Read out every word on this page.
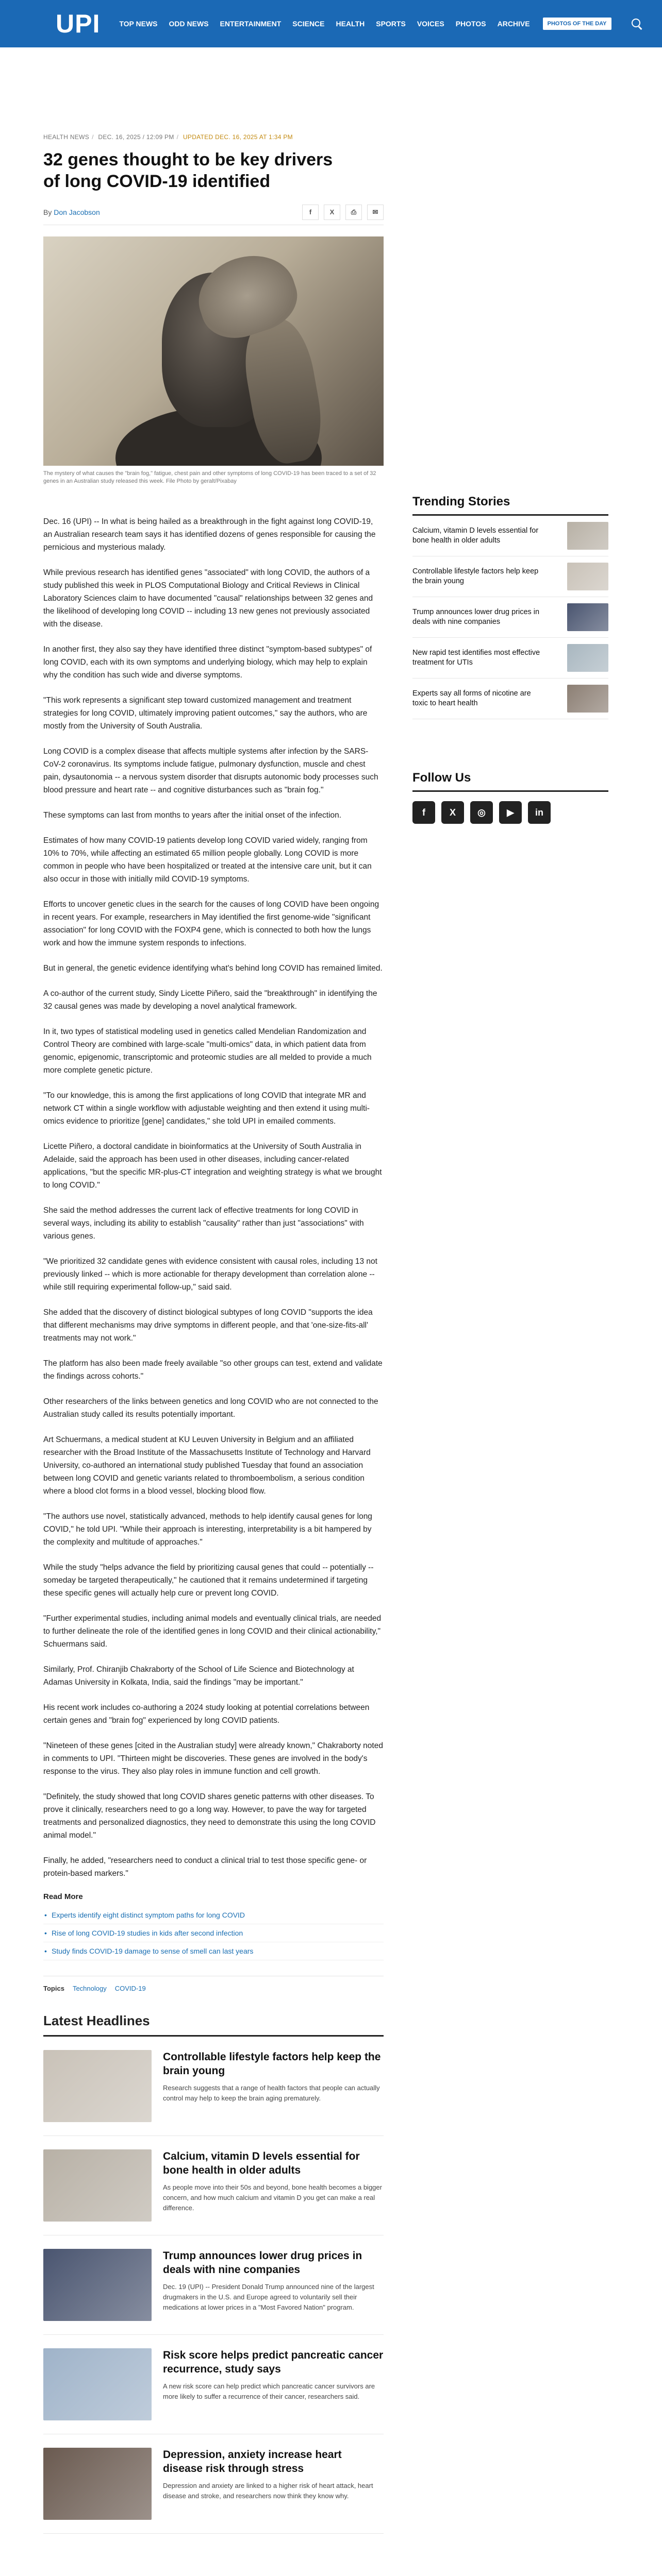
UPI	TOP NEWS	ODD NEWS	ENTERTAINMENT	SCIENCE	HEALTH	SPORTS	VOICES	PHOTOS	ARCHIVE	PHOTOS OF THE DAY
HEALTH NEWS / DEC. 16, 2025 / 12:09 PM / UPDATED DEC. 16, 2025 AT 1:34 PM
32 genes thought to be key drivers of long COVID-19 identified
By Don Jacobson	f	X	⎙	✉

The mystery of what causes the "brain fog," fatigue, chest pain and other symptoms of long COVID-19 has been traced to a set of 32 genes in an Australian study released this week. File Photo by geralt/Pixabay

Dec. 16 (UPI) -- In what is being hailed as a breakthrough in the fight against long COVID-19, an Australian research team says it has identified dozens of genes responsible for causing the pernicious and mysterious malady.

While previous research has identified genes "associated" with long COVID, the authors of a study published this week in PLOS Computational Biology and Critical Reviews in Clinical Laboratory Sciences claim to have documented "causal" relationships between 32 genes and the likelihood of developing long COVID -- including 13 new genes not previously associated with the disease.

In another first, they also say they have identified three distinct "symptom-based subtypes" of long COVID, each with its own symptoms and underlying biology, which may help to explain why the condition has such wide and diverse symptoms.

"This work represents a significant step toward customized management and treatment strategies for long COVID, ultimately improving patient outcomes," say the authors, who are mostly from the University of South Australia.

Long COVID is a complex disease that affects multiple systems after infection by the SARS-CoV-2 coronavirus. Its symptoms include fatigue, pulmonary dysfunction, muscle and chest pain, dysautonomia -- a nervous system disorder that disrupts autonomic body processes such blood pressure and heart rate -- and cognitive disturbances such as "brain fog."

These symptoms can last from months to years after the initial onset of the infection.

Estimates of how many COVID-19 patients develop long COVID varied widely, ranging from 10% to 70%, while affecting an estimated 65 million people globally. Long COVID is more common in people who have been hospitalized or treated at the intensive care unit, but it can also occur in those with initially mild COVID-19 symptoms.

Efforts to uncover genetic clues in the search for the causes of long COVID have been ongoing in recent years. For example, researchers in May identified the first genome-wide "significant association" for long COVID with the FOXP4 gene, which is connected to both how the lungs work and how the immune system responds to infections.

But in general, the genetic evidence identifying what's behind long COVID has remained limited.

A co-author of the current study, Sindy Licette Piñero, said the "breakthrough" in identifying the 32 causal genes was made by developing a novel analytical framework.

In it, two types of statistical modeling used in genetics called Mendelian Randomization and Control Theory are combined with large-scale "multi-omics" data, in which patient data from genomic, epigenomic, transcriptomic and proteomic studies are all melded to provide a much more complete genetic picture.

"To our knowledge, this is among the first applications of long COVID that integrate MR and network CT within a single workflow with adjustable weighting and then extend it using multi-omics evidence to prioritize [gene] candidates," she told UPI in emailed comments.

Licette Piñero, a doctoral candidate in bioinformatics at the University of South Australia in Adelaide, said the approach has been used in other diseases, including cancer-related applications, "but the specific MR-plus-CT integration and weighting strategy is what we brought to long COVID."

She said the method addresses the current lack of effective treatments for long COVID in several ways, including its ability to establish "causality" rather than just "associations" with various genes.

"We prioritized 32 candidate genes with evidence consistent with causal roles, including 13 not previously linked -- which is more actionable for therapy development than correlation alone -- while still requiring experimental follow-up," said said.

She added that the discovery of distinct biological subtypes of long COVID "supports the idea that different mechanisms may drive symptoms in different people, and that 'one-size-fits-all' treatments may not work."

The platform has also been made freely available "so other groups can test, extend and validate the findings across cohorts."

Other researchers of the links between genetics and long COVID who are not connected to the Australian study called its results potentially important.

Art Schuermans, a medical student at KU Leuven University in Belgium and an affiliated researcher with the Broad Institute of the Massachusetts Institute of Technology and Harvard University, co-authored an international study published Tuesday that found an association between long COVID and genetic variants related to thromboembolism, a serious condition where a blood clot forms in a blood vessel, blocking blood flow.

"The authors use novel, statistically advanced, methods to help identify causal genes for long COVID," he told UPI. "While their approach is interesting, interpretability is a bit hampered by the complexity and multitude of approaches."

While the study "helps advance the field by prioritizing causal genes that could -- potentially -- someday be targeted therapeutically," he cautioned that it remains undetermined if targeting these specific genes will actually help cure or prevent long COVID.

"Further experimental studies, including animal models and eventually clinical trials, are needed to further delineate the role of the identified genes in long COVID and their clinical actionability," Schuermans said.

Similarly, Prof. Chiranjib Chakraborty of the School of Life Science and Biotechnology at Adamas University in Kolkata, India, said the findings "may be important."

His recent work includes co-authoring a 2024 study looking at potential correlations between certain genes and "brain fog" experienced by long COVID patients.

"Nineteen of these genes [cited in the Australian study] were already known," Chakraborty noted in comments to UPI. "Thirteen might be discoveries. These genes are involved in the body's response to the virus. They also play roles in immune function and cell growth.

"Definitely, the study showed that long COVID shares genetic patterns with other diseases. To prove it clinically, researchers need to go a long way. However, to pave the way for targeted treatments and personalized diagnostics, they need to demonstrate this using the long COVID animal model."

Finally, he added, "researchers need to conduct a clinical trial to test those specific gene- or protein-based markers."

Read More
• Experts identify eight distinct symptom paths for long COVID
• Rise of long COVID-19 studies in kids after second infection
• Study finds COVID-19 damage to sense of smell can last years
Topics Technology COVID-19
Latest Headlines
Controllable lifestyle factors help keep the brain young
Research suggests that a range of health factors that people can actually control may help to keep the brain aging prematurely.
Calcium, vitamin D levels essential for bone health in older adults
As people move into their 50s and beyond, bone health becomes a bigger concern, and how much calcium and vitamin D you get can make a real difference.
Trump announces lower drug prices in deals with nine companies
Dec. 19 (UPI) -- President Donald Trump announced nine of the largest drugmakers in the U.S. and Europe agreed to voluntarily sell their medications at lower prices in a "Most Favored Nation" program.
Risk score helps predict pancreatic cancer recurrence, study says
A new risk score can help predict which pancreatic cancer survivors are more likely to suffer a recurrence of their cancer, researchers said.
Depression, anxiety increase heart disease risk through stress
Depression and anxiety are linked to a higher risk of heart attack, heart disease and stroke, and researchers now think they know why.
Trending Stories
Calcium, vitamin D levels essential for bone health in older adults
Controllable lifestyle factors help keep the brain young
Trump announces lower drug prices in deals with nine companies
New rapid test identifies most effective treatment for UTIs
Experts say all forms of nicotine are toxic to heart health
Follow Us
f	X	◎	▶	in
